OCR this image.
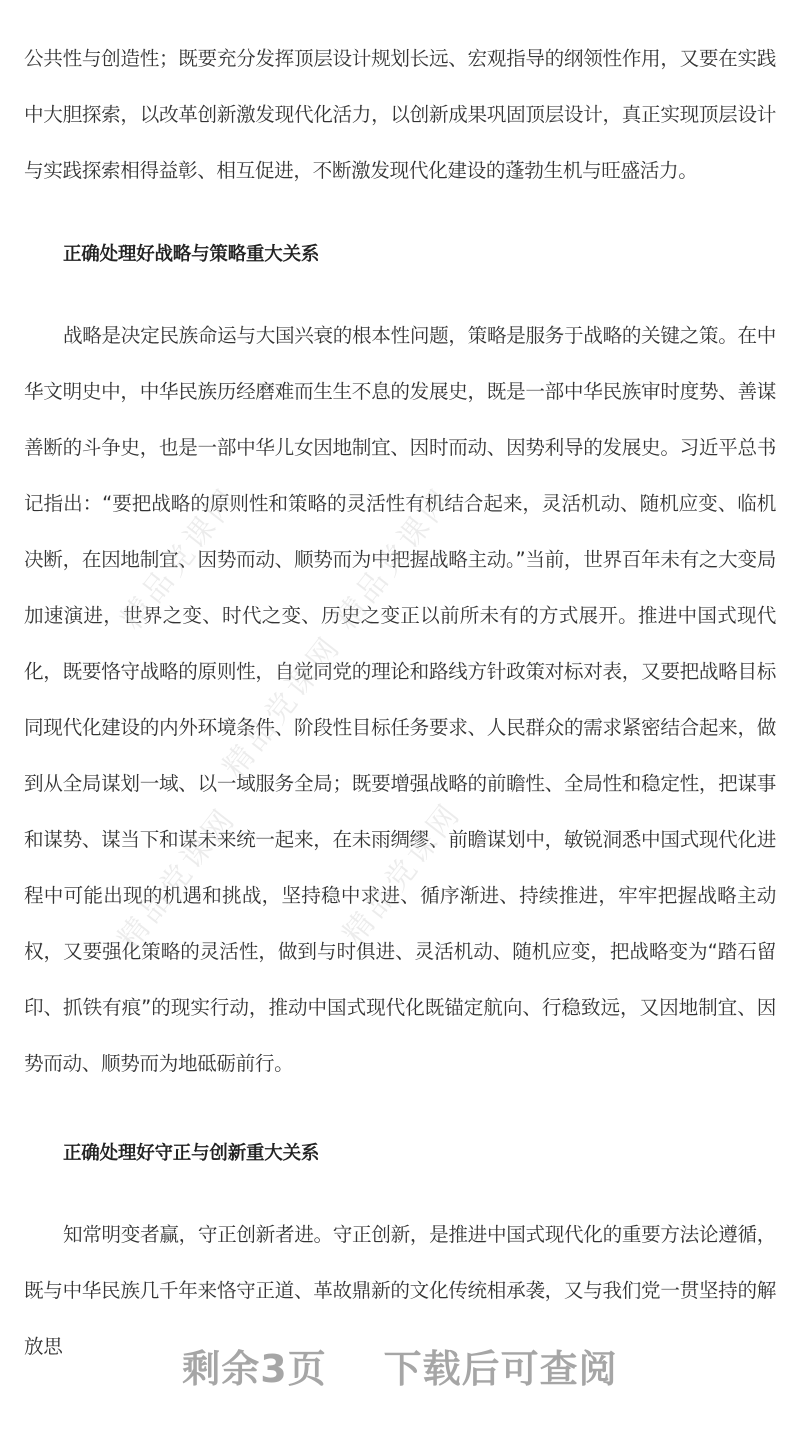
公共性与创造性；既要充分发挥顶层设计规划长远、宏观指导的纲领性作用，又要在实践中大胆探索，以改革创新激发现代化活力，以创新成果巩固顶层设计，真正实现顶层设计与实践探索相得益彰、相互促进，不断激发现代化建设的蓬勃生机与旺盛活力。

正确处理好战略与策略重大关系

战略是决定民族命运与大国兴衰的根本性问题，策略是服务于战略的关键之策。在中华文明史中，中华民族历经磨难而生生不息的发展史，既是一部中华民族审时度势、善谋善断的斗争史，也是一部中华儿女因地制宜、因时而动、因势利导的发展史。习近平总书记指出：“要把战略的原则性和策略的灵活性有机结合起来，灵活机动、随机应变、临机决断，在因地制宜、因势而动、顺势而为中把握战略主动。”当前，世界百年未有之大变局加速演进，世界之变、时代之变、历史之变正以前所未有的方式展开。推进中国式现代化，既要恪守战略的原则性，自觉同党的理论和路线方针政策对标对表，又要把战略目标同现代化建设的内外环境条件、阶段性目标任务要求、人民群众的需求紧密结合起来，做到从全局谋划一域、以一域服务全局；既要增强战略的前瞻性、全局性和稳定性，把谋事和谋势、谋当下和谋未来统一起来，在未雨绸缪、前瞻谋划中，敏锐洞悉中国式现代化进程中可能出现的机遇和挑战，坚持稳中求进、循序渐进、持续推进，牢牢把握战略主动权，又要强化策略的灵活性，做到与时俱进、灵活机动、随机应变，把战略变为“踏石留印、抓铁有痕”的现实行动，推动中国式现代化既锚定航向、行稳致远，又因地制宜、因势而动、顺势而为地砥砺前行。

正确处理好守正与创新重大关系

知常明变者赢，守正创新者进。守正创新，是推进中国式现代化的重要方法论遵循，既与中华民族几千年来恪守正道、革故鼎新的文化传统相承袭，又与我们党一贯坚持的解放思

精品党课网	精品党课网
精品党课网
精品党课网	精品党课网
剩余3页 下载后可查阅
